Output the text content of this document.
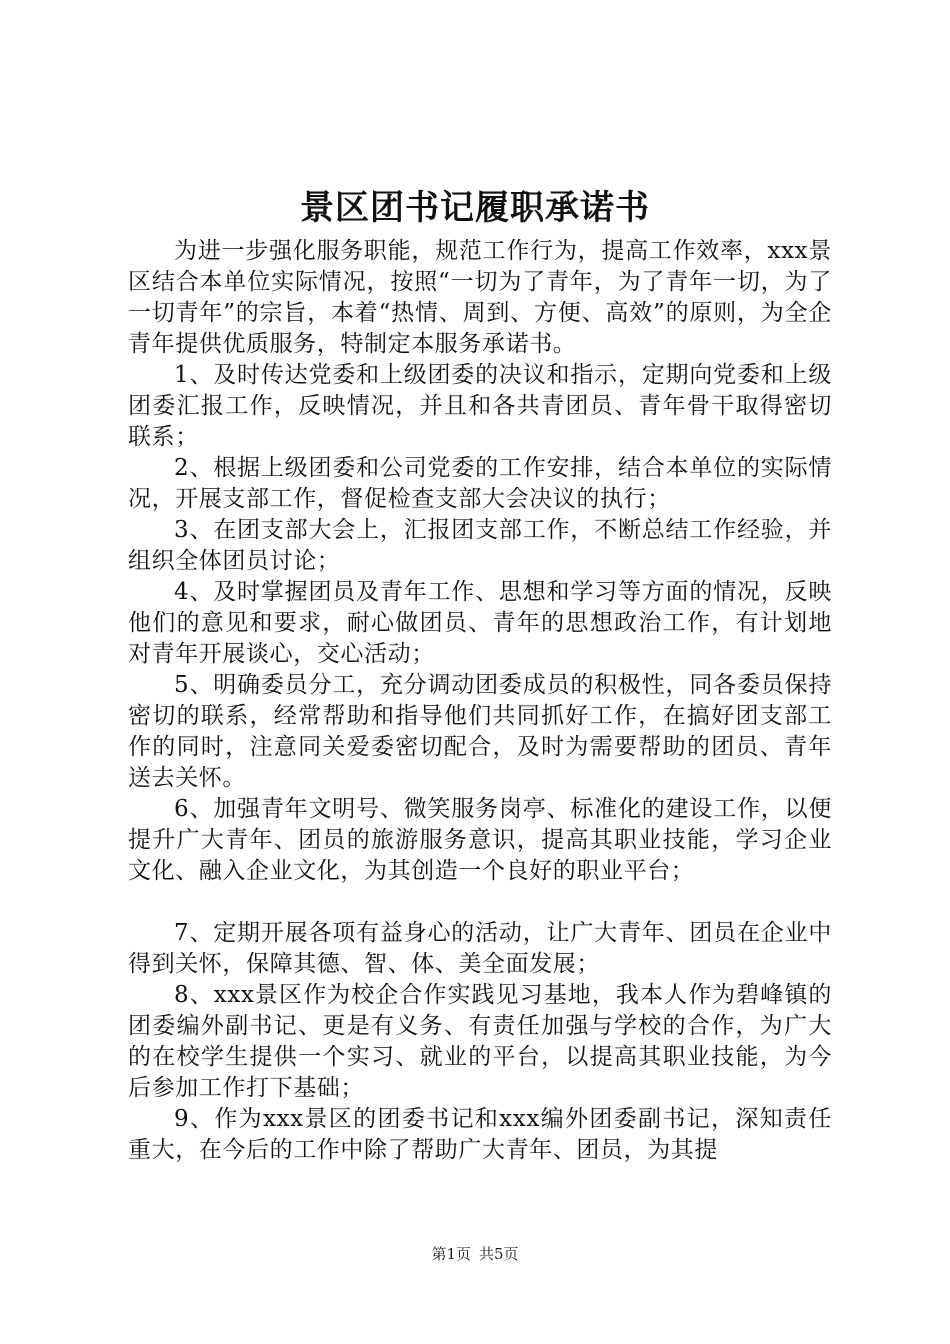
景区团书记履职承诺书

为进一步强化服务职能，规范工作行为，提高工作效率，xxx景区结合本单位实际情况，按照“一切为了青年，为了青年一切，为了一切青年”的宗旨，本着“热情、周到、方便、高效”的原则，为全企青年提供优质服务，特制定本服务承诺书。

1、及时传达党委和上级团委的决议和指示，定期向党委和上级团委汇报工作，反映情况，并且和各共青团员、青年骨干取得密切联系；

2、根据上级团委和公司党委的工作安排，结合本单位的实际情况，开展支部工作，督促检查支部大会决议的执行；

3、在团支部大会上，汇报团支部工作，不断总结工作经验，并组织全体团员讨论；

4、及时掌握团员及青年工作、思想和学习等方面的情况，反映他们的意见和要求，耐心做团员、青年的思想政治工作，有计划地对青年开展谈心，交心活动；

5、明确委员分工，充分调动团委成员的积极性，同各委员保持密切的联系，经常帮助和指导他们共同抓好工作，在搞好团支部工作的同时，注意同关爱委密切配合，及时为需要帮助的团员、青年送去关怀。

6、加强青年文明号、微笑服务岗亭、标准化的建设工作，以便提升广大青年、团员的旅游服务意识，提高其职业技能，学习企业文化、融入企业文化，为其创造一个良好的职业平台；

7、定期开展各项有益身心的活动，让广大青年、团员在企业中得到关怀，保障其德、智、体、美全面发展；

8、xxx景区作为校企合作实践见习基地，我本人作为碧峰镇的团委编外副书记、更是有义务、有责任加强与学校的合作，为广大的在校学生提供一个实习、就业的平台，以提高其职业技能，为今后参加工作打下基础；

9、作为xxx景区的团委书记和xxx编外团委副书记，深知责任重大，在今后的工作中除了帮助广大青年、团员，为其提

第1页 共5页
